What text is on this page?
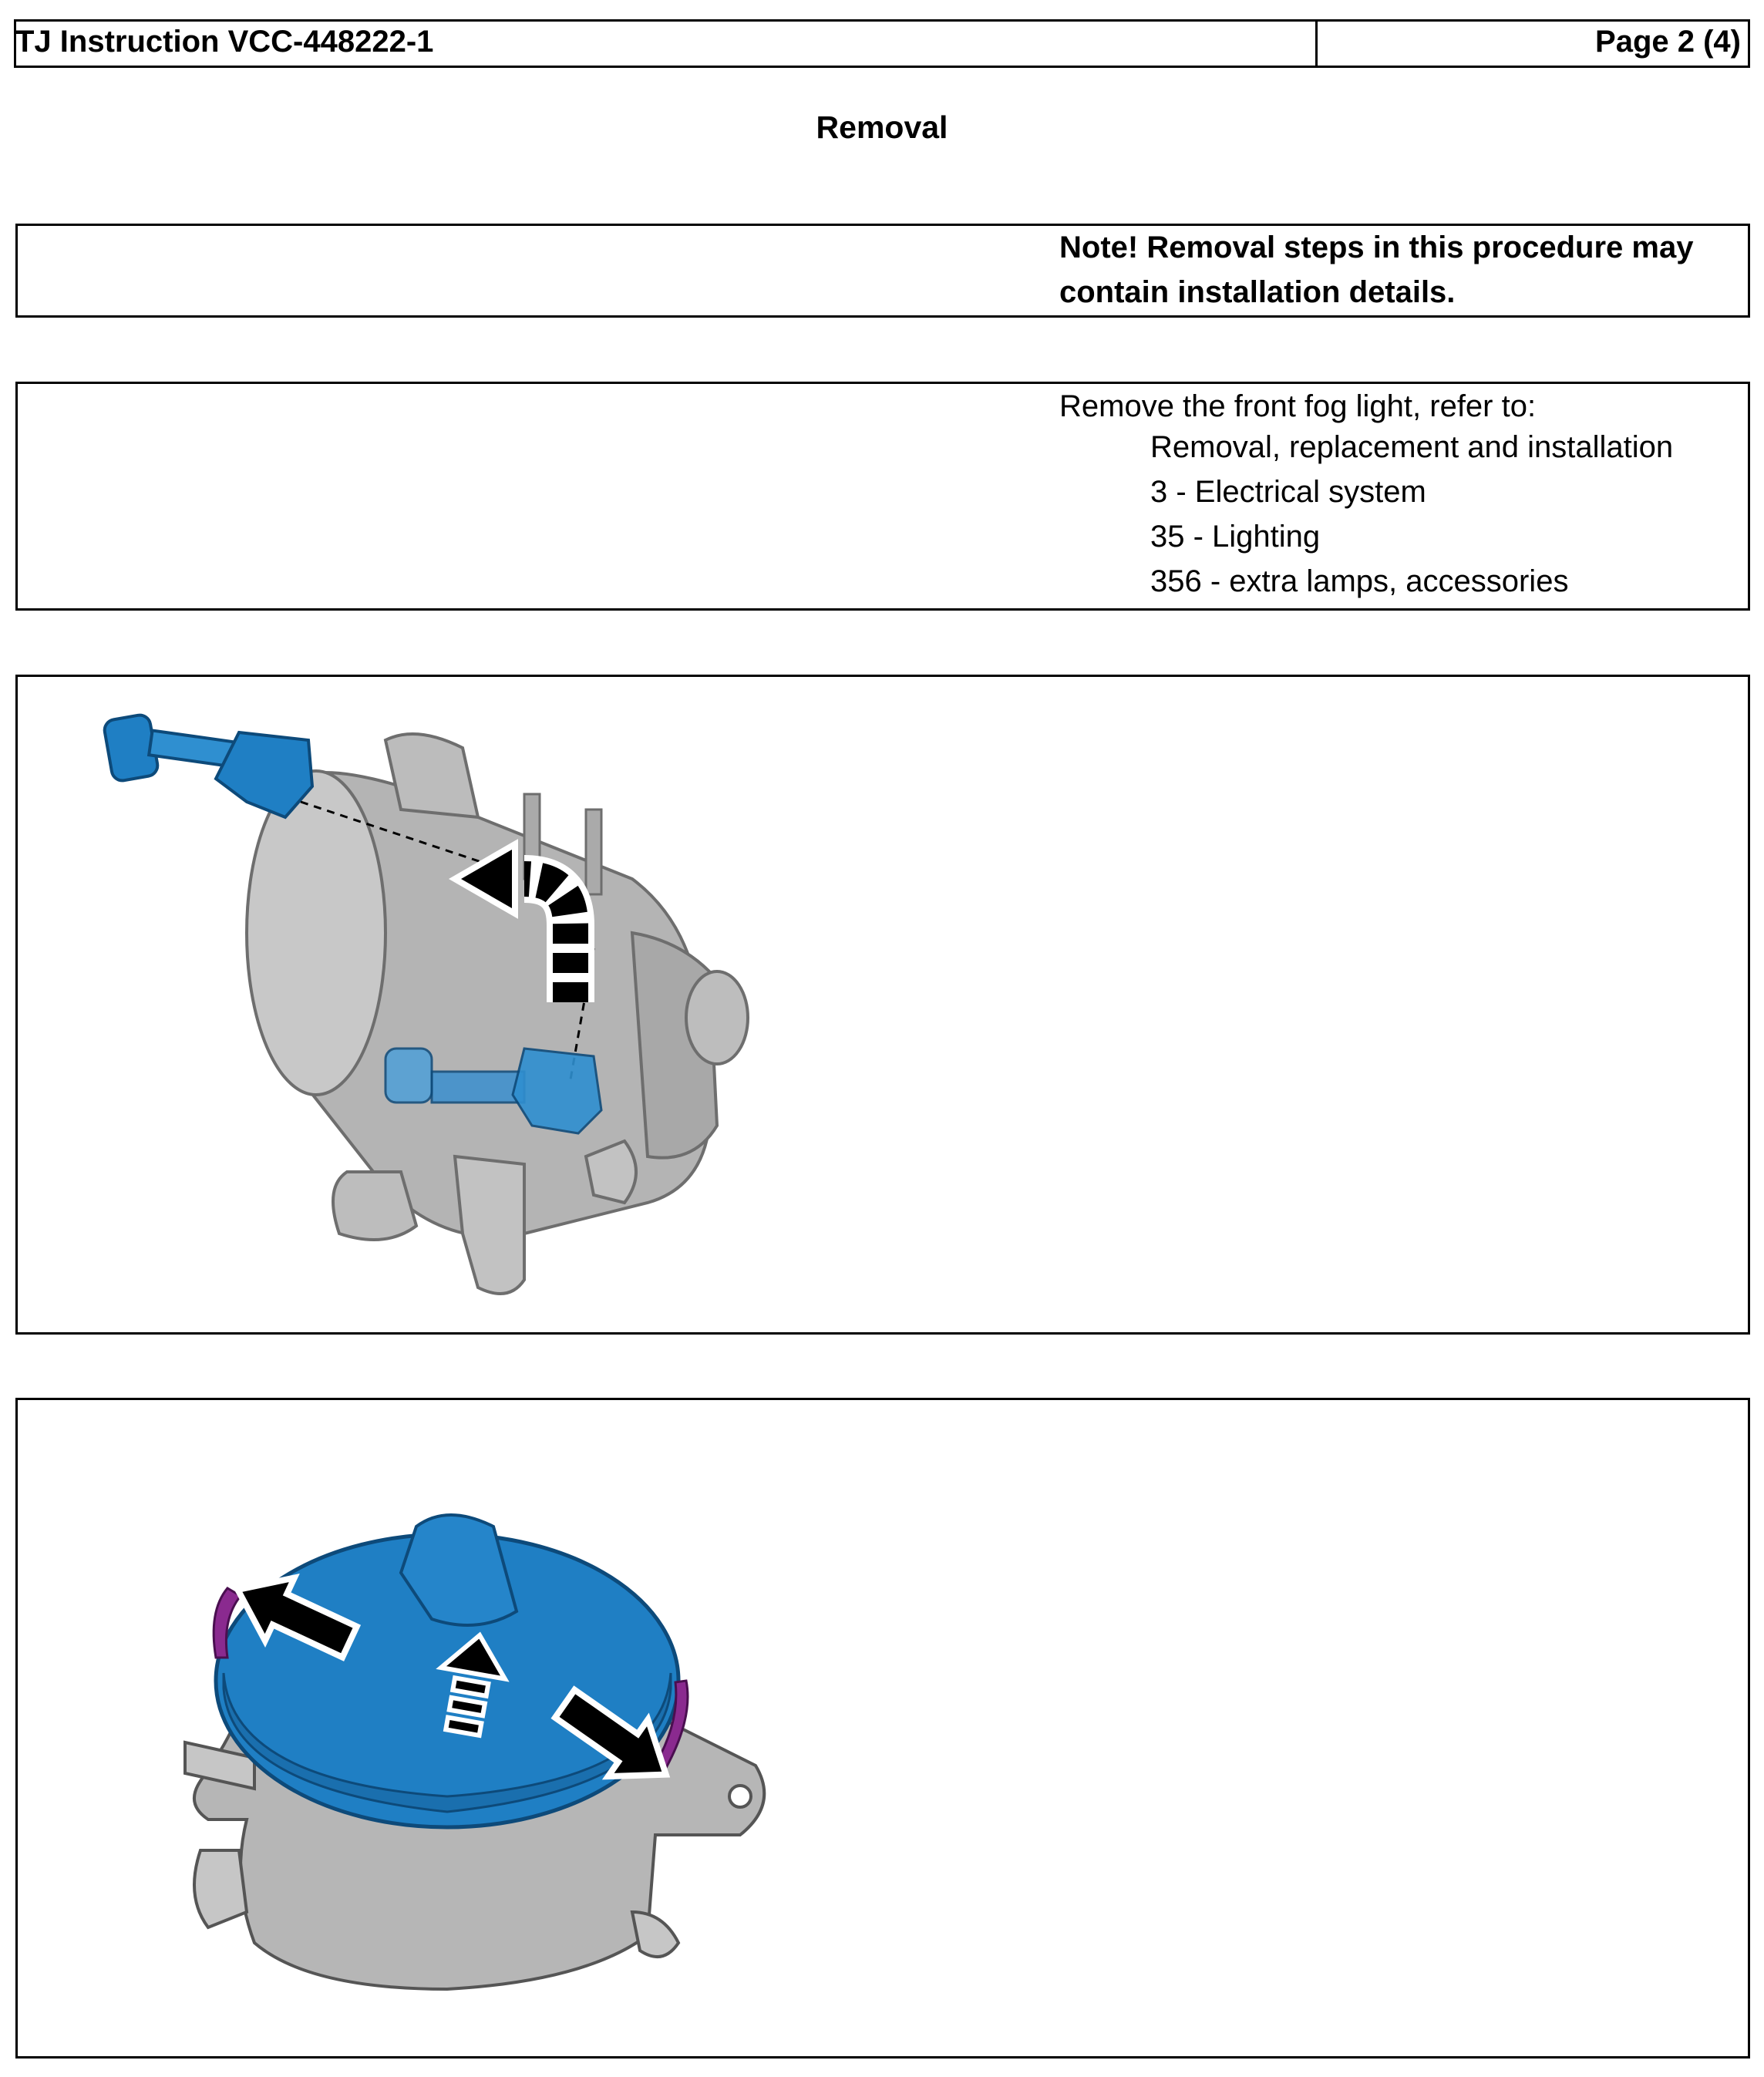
TJ Instruction VCC-448222-1	Page 2 (4)
Removal
Note! Removal steps in this procedure may contain installation details.
Remove the front fog light, refer to:
Removal, replacement and installation
3 - Electrical system
35 - Lighting
356 - extra lamps, accessories
